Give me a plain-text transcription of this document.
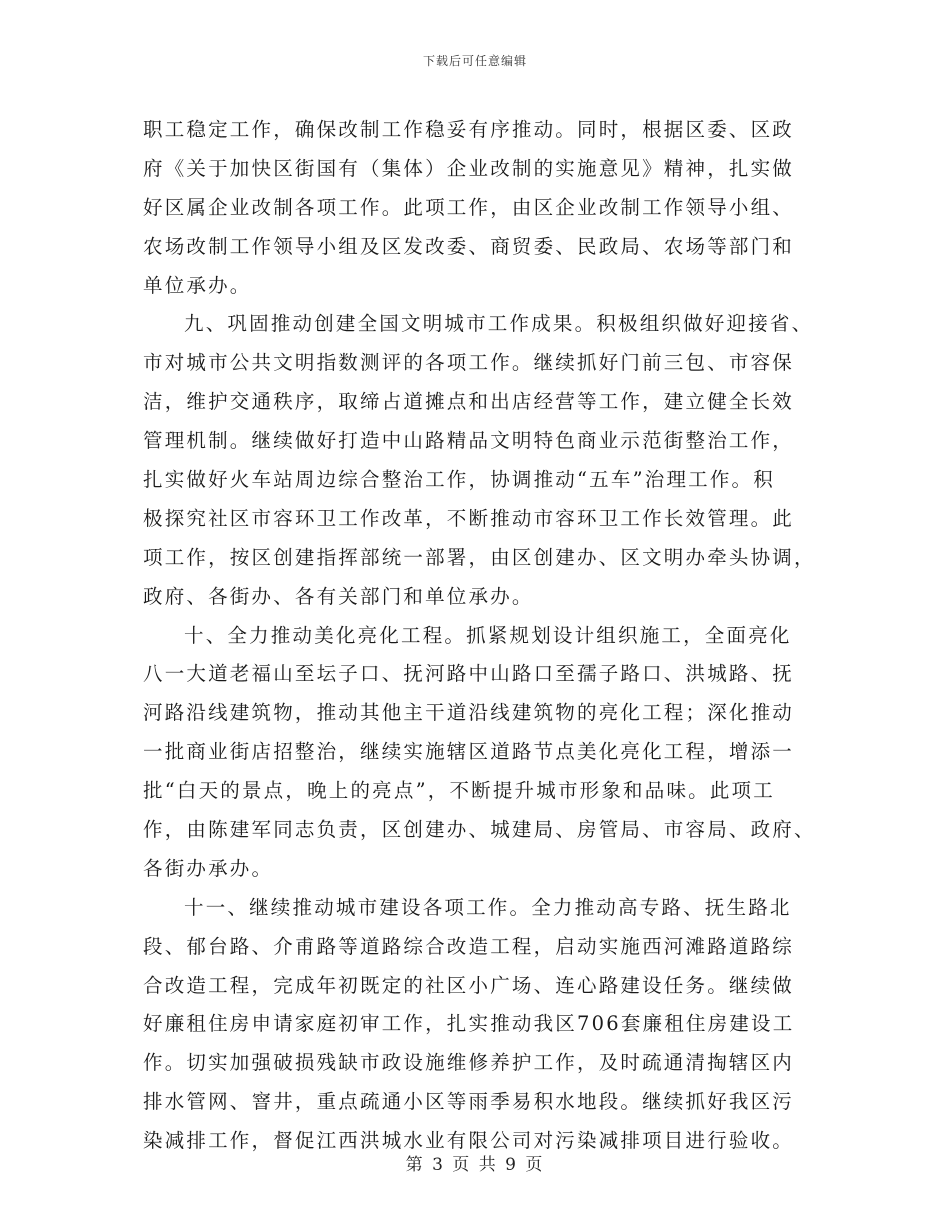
下载后可任意编辑
职工稳定工作，确保改制工作稳妥有序推动。同时，根据区委、区政
府《关于加快区街国有（集体）企业改制的实施意见》精神，扎实做
好区属企业改制各项工作。此项工作，由区企业改制工作领导小组、
农场改制工作领导小组及区发改委、商贸委、民政局、农场等部门和
单位承办。
九、巩固推动创建全国文明城市工作成果。积极组织做好迎接省、
市对城市公共文明指数测评的各项工作。继续抓好门前三包、市容保
洁，维护交通秩序，取缔占道摊点和出店经营等工作，建立健全长效
管理机制。继续做好打造中山路精品文明特色商业示范街整治工作，
扎实做好火车站周边综合整治工作，协调推动“五车”治理工作。积
极探究社区市容环卫工作改革，不断推动市容环卫工作长效管理。此
项工作，按区创建指挥部统一部署，由区创建办、区文明办牵头协调，
政府、各街办、各有关部门和单位承办。
十、全力推动美化亮化工程。抓紧规划设计组织施工，全面亮化
八一大道老福山至坛子口、抚河路中山路口至孺子路口、洪城路、抚
河路沿线建筑物，推动其他主干道沿线建筑物的亮化工程；深化推动
一批商业街店招整治，继续实施辖区道路节点美化亮化工程，增添一
批“白天的景点，晚上的亮点”，不断提升城市形象和品味。此项工
作，由陈建军同志负责，区创建办、城建局、房管局、市容局、政府、
各街办承办。
十一、继续推动城市建设各项工作。全力推动高专路、抚生路北
段、郁台路、介甫路等道路综合改造工程，启动实施西河滩路道路综
合改造工程，完成年初既定的社区小广场、连心路建设任务。继续做
好廉租住房申请家庭初审工作，扎实推动我区706套廉租住房建设工
作。切实加强破损残缺市政设施维修养护工作，及时疏通清掏辖区内
排水管网、窨井，重点疏通小区等雨季易积水地段。继续抓好我区污
染减排工作，督促江西洪城水业有限公司对污染减排项目进行验收。
第 3 页 共 9 页
